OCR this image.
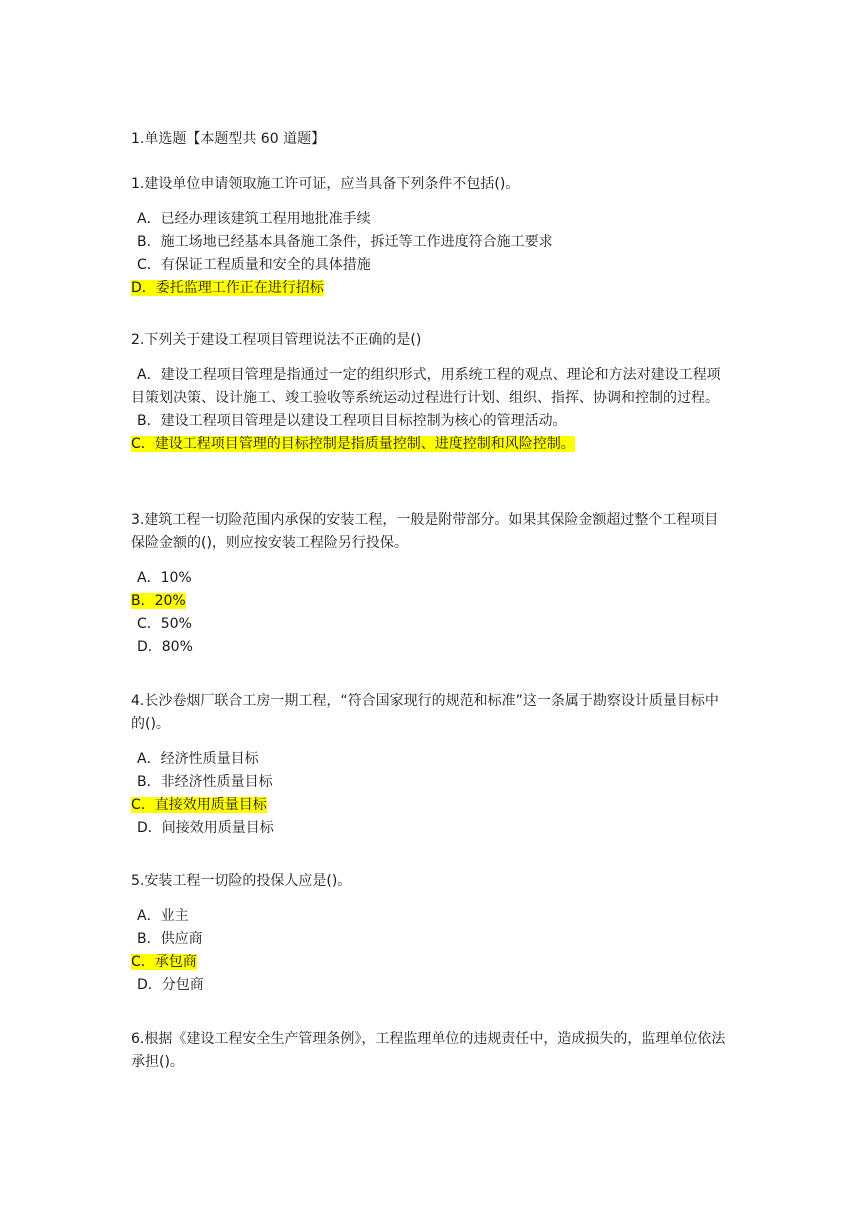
1.单选题【本题型共 60 道题】
1.建设单位申请领取施工许可证，应当具备下列条件不包括()。
A．已经办理该建筑工程用地批准手续
B．施工场地已经基本具备施工条件，拆迁等工作进度符合施工要求
C．有保证工程质量和安全的具体措施
D．委托监理工作正在进行招标
2.下列关于建设工程项目管理说法不正确的是()
A．建设工程项目管理是指通过一定的组织形式，用系统工程的观点、理论和方法对建设工程项目策划决策、设计施工、竣工验收等系统运动过程进行计划、组织、指挥、协调和控制的过程。
B．建设工程项目管理是以建设工程项目目标控制为核心的管理活动。
C．建设工程项目管理的目标控制是指质量控制、进度控制和风险控制。
3.建筑工程一切险范围内承保的安装工程，一般是附带部分。如果其保险金额超过整个工程项目保险金额的()，则应按安装工程险另行投保。
A．10%
B．20%
C．50%
D．80%
4.长沙卷烟厂联合工房一期工程，“符合国家现行的规范和标准”这一条属于勘察设计质量目标中的()。
A．经济性质量目标
B．非经济性质量目标
C．直接效用质量目标
D．间接效用质量目标
5.安装工程一切险的投保人应是()。
A．业主
B．供应商
C．承包商
D．分包商
6.根据《建设工程安全生产管理条例》，工程监理单位的违规责任中，造成损失的，监理单位依法承担()。
